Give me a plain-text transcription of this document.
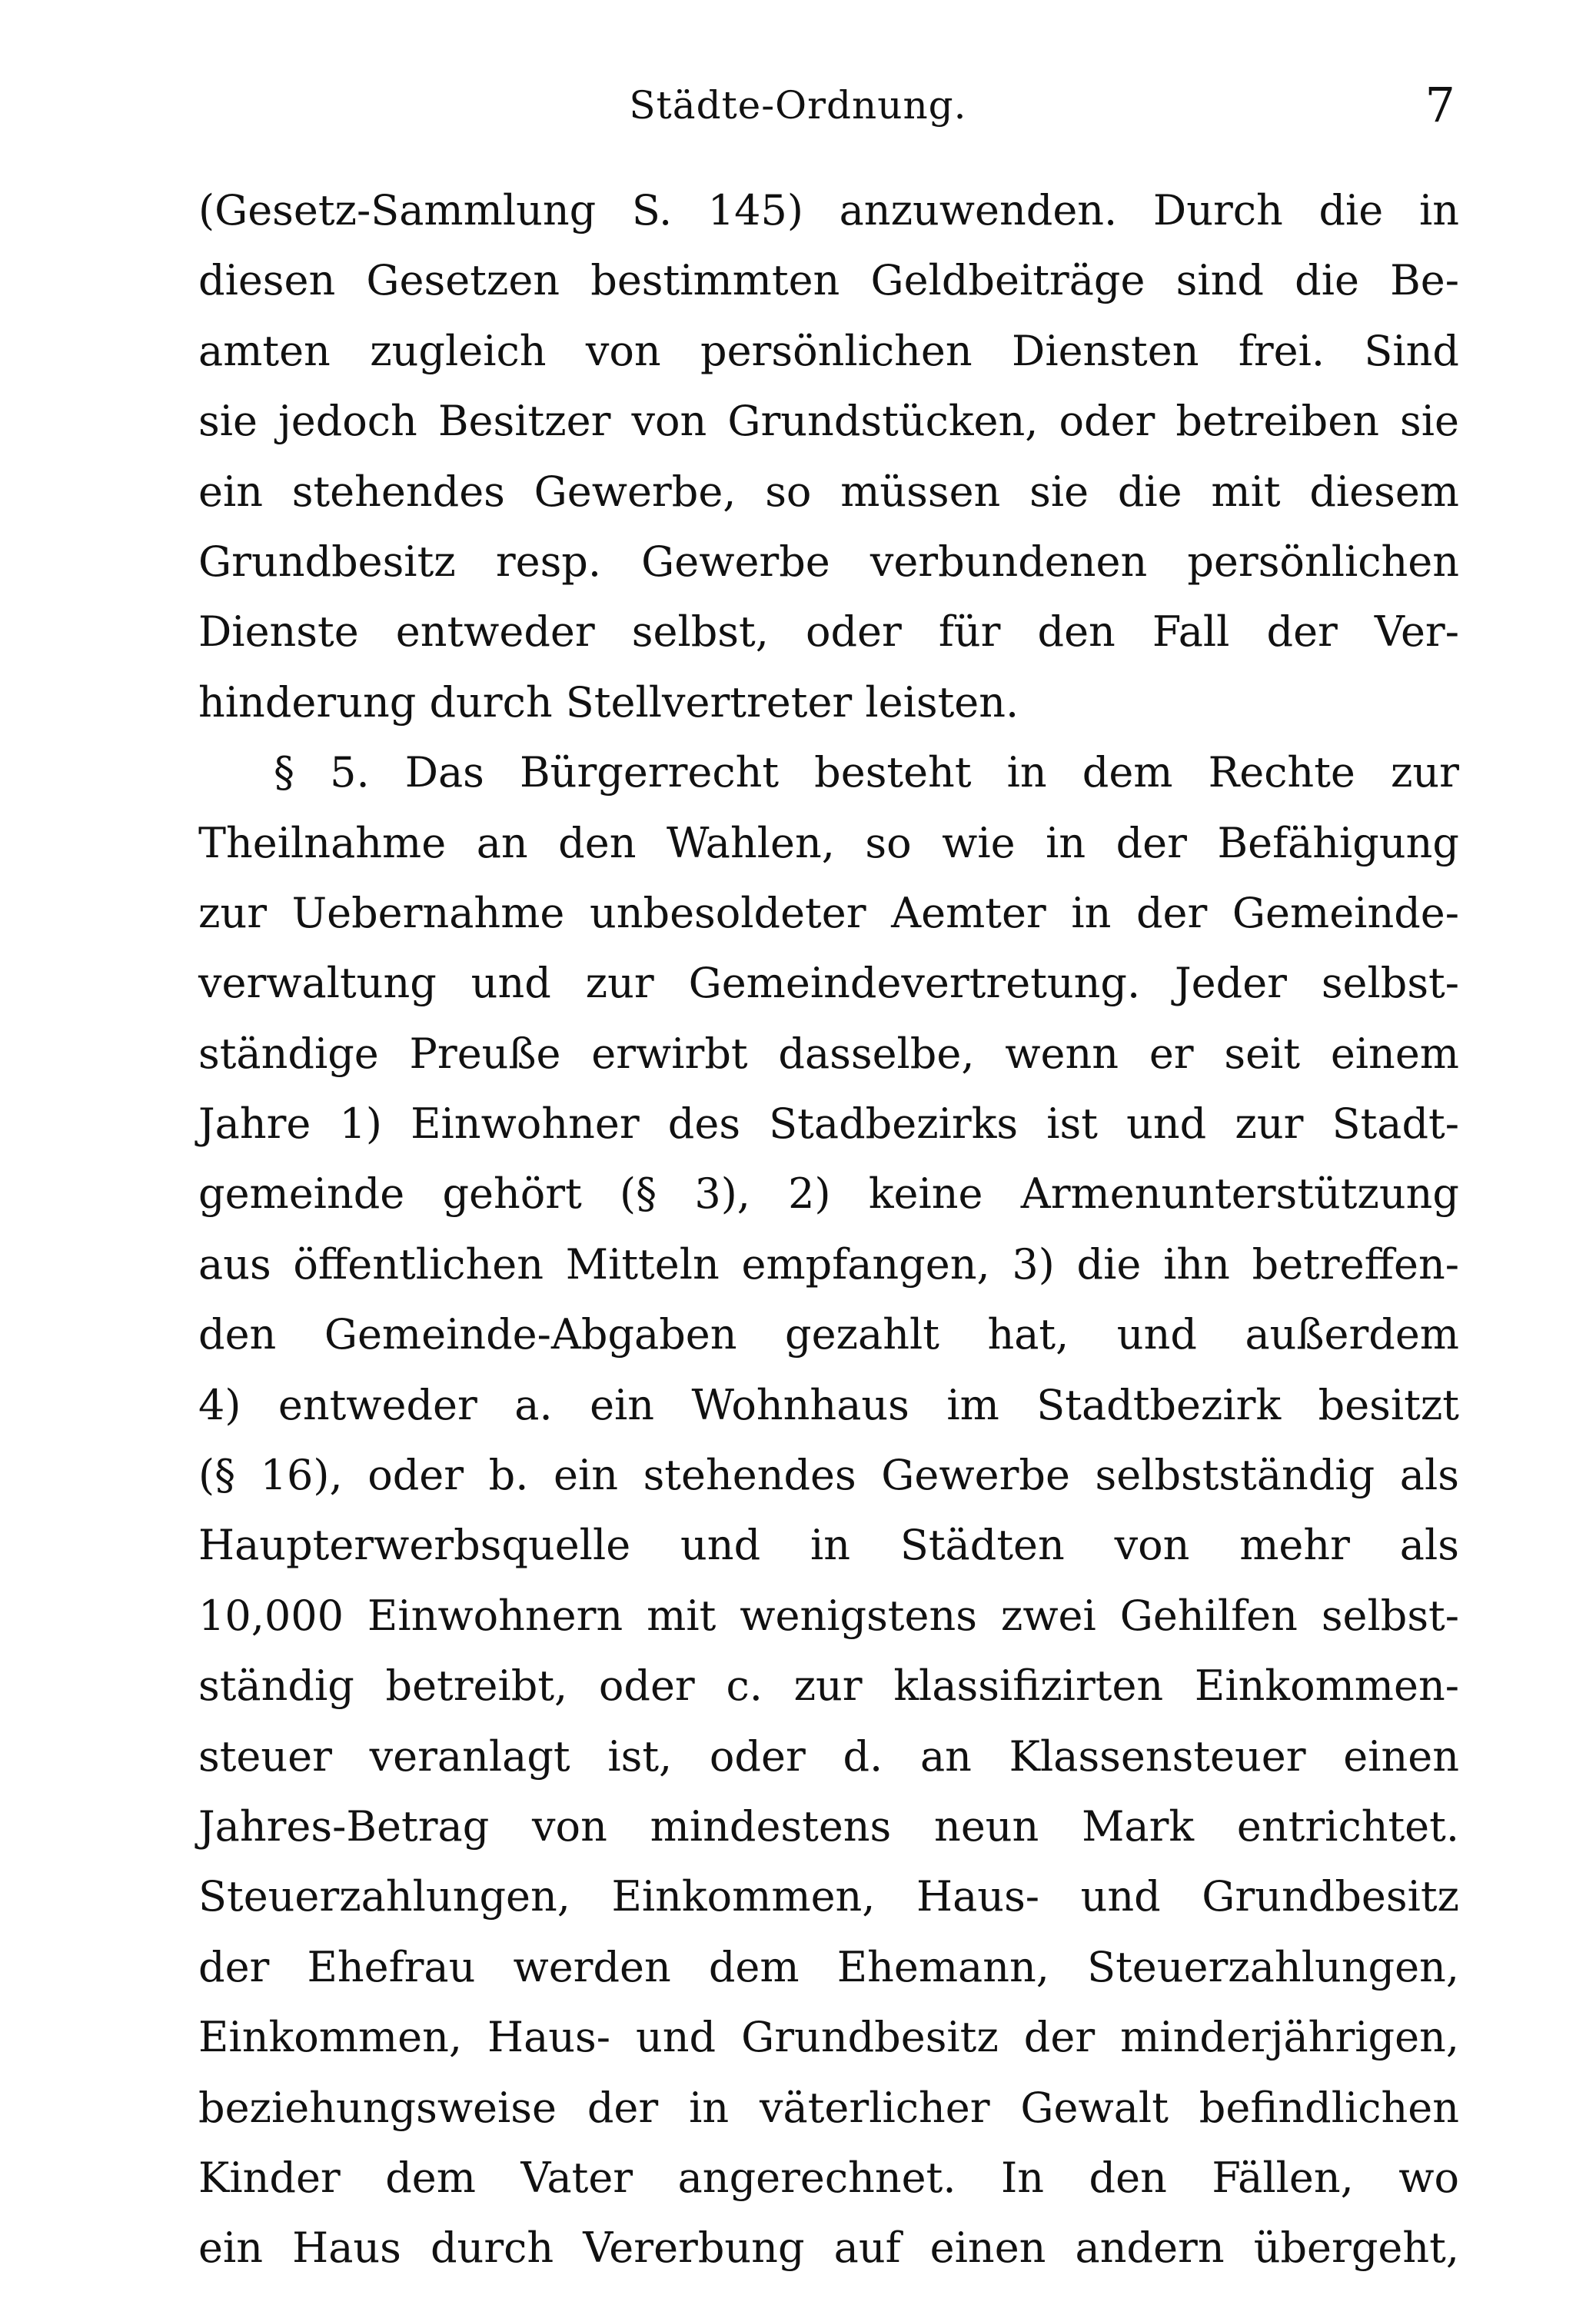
Städte-Ordnung.	7
(Gesetz-Sammlung S. 145) anzuwenden. Durch die in
diesen Gesetzen bestimmten Geldbeiträge sind die Be-
amten zugleich von persönlichen Diensten frei. Sind
sie jedoch Besitzer von Grundstücken, oder betreiben sie
ein stehendes Gewerbe, so müssen sie die mit diesem
Grundbesitz resp. Gewerbe verbundenen persönlichen
Dienste entweder selbst, oder für den Fall der Ver-
hinderung durch Stellvertreter leisten.
§ 5. Das Bürgerrecht besteht in dem Rechte zur
Theilnahme an den Wahlen, so wie in der Befähigung
zur Uebernahme unbesoldeter Aemter in der Gemeinde-
verwaltung und zur Gemeindevertretung. Jeder selbst-
ständige Preuße erwirbt dasselbe, wenn er seit einem
Jahre 1) Einwohner des Stadbezirks ist und zur Stadt-
gemeinde gehört (§ 3), 2) keine Armenunterstützung
aus öffentlichen Mitteln empfangen, 3) die ihn betreffen-
den Gemeinde-Abgaben gezahlt hat, und außerdem
4) entweder a. ein Wohnhaus im Stadtbezirk besitzt
(§ 16), oder b. ein stehendes Gewerbe selbstständig als
Haupterwerbsquelle und in Städten von mehr als
10,000 Einwohnern mit wenigstens zwei Gehilfen selbst-
ständig betreibt, oder c. zur klassifizirten Einkommen-
steuer veranlagt ist, oder d. an Klassensteuer einen
Jahres-Betrag von mindestens neun Mark entrichtet.
Steuerzahlungen, Einkommen, Haus- und Grundbesitz
der Ehefrau werden dem Ehemann, Steuerzahlungen,
Einkommen, Haus- und Grundbesitz der minderjährigen,
beziehungsweise der in väterlicher Gewalt befindlichen
Kinder dem Vater angerechnet. In den Fällen, wo
ein Haus durch Vererbung auf einen andern übergeht,
